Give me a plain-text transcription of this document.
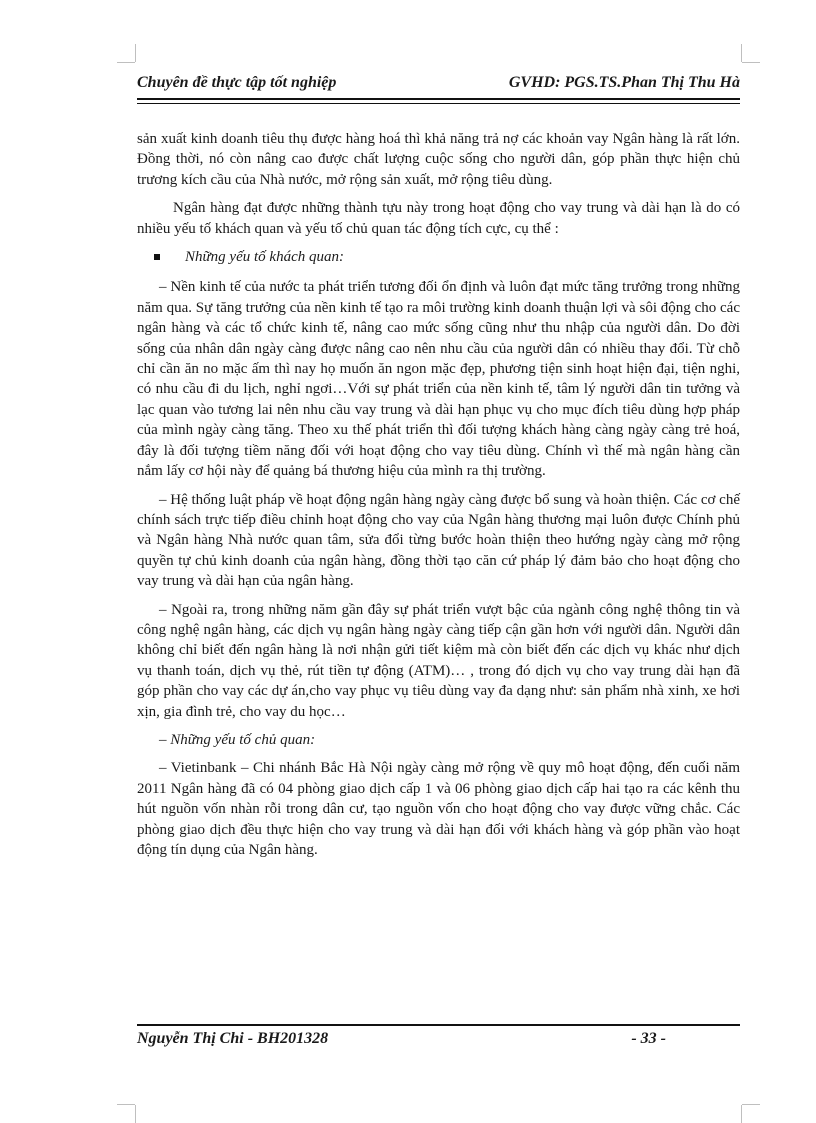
Chuyên đề thực tập tốt nghiệp	GVHD: PGS.TS.Phan Thị Thu Hà

sản xuất kinh doanh tiêu thụ được hàng hoá thì khả năng trả nợ các khoản vay Ngân hàng là rất lớn. Đồng thời, nó còn nâng cao được chất lượng cuộc sống cho người dân, góp phần thực hiện chủ trương kích cầu của Nhà nước, mở rộng sản xuất, mở rộng tiêu dùng.

Ngân hàng đạt được những thành tựu này trong hoạt động cho vay trung và dài hạn là do có nhiều yếu tố khách quan và yếu tố chủ quan tác động tích cực, cụ thể :

Những yếu tố khách quan:

– Nền kinh tế của nước ta phát triển tương đối ổn định và luôn đạt mức tăng trưởng trong những năm qua. Sự tăng trưởng của nền kinh tế tạo ra môi trường kinh doanh thuận lợi và sôi động cho các ngân hàng và các tổ chức kinh tế, nâng cao mức sống cũng như thu nhập của người dân. Do đời sống của nhân dân ngày càng được nâng cao nên nhu cầu của người dân có nhiều thay đổi. Từ chỗ chỉ cần ăn no mặc ấm thì nay họ muốn ăn ngon mặc đẹp, phương tiện sinh hoạt hiện đại, tiện nghi, có nhu cầu đi du lịch, nghỉ ngơi…Với sự phát triển của nền kinh tế, tâm lý người dân tin tưởng và lạc quan vào tương lai nên nhu cầu vay trung và dài hạn phục vụ cho mục đích tiêu dùng hợp pháp của mình ngày càng tăng. Theo xu thế phát triển thì đối tượng khách hàng càng ngày càng trẻ hoá, đây là đối tượng tiềm năng đối với hoạt động cho vay tiêu dùng. Chính vì thế mà ngân hàng cần nắm lấy cơ hội này để quảng bá thương hiệu của mình ra thị trường.

– Hệ thống luật pháp về hoạt động ngân hàng ngày càng được bổ sung và hoàn thiện. Các cơ chế chính sách trực tiếp điều chỉnh hoạt động cho vay của Ngân hàng thương mại luôn được Chính phủ và Ngân hàng Nhà nước quan tâm, sửa đổi từng bước hoàn thiện theo hướng ngày càng mở rộng quyền tự chủ kinh doanh của ngân hàng, đồng thời tạo căn cứ pháp lý đảm bảo cho hoạt động cho vay trung và dài hạn của ngân hàng.

– Ngoài ra, trong những năm gần đây sự phát triển vượt bậc của ngành công nghệ thông tin và công nghệ ngân hàng, các dịch vụ ngân hàng ngày càng tiếp cận gần hơn với người dân. Người dân không chỉ biết đến ngân hàng là nơi nhận gửi tiết kiệm mà còn biết đến các dịch vụ khác như dịch vụ thanh toán, dịch vụ thẻ, rút tiền tự động (ATM)… , trong đó dịch vụ cho vay trung dài hạn đã góp phần cho vay các dự án,cho vay phục vụ tiêu dùng vay đa dạng như: sản phẩm nhà xinh, xe hơi xịn, gia đình trẻ, cho vay du học…

– Những yếu tố chủ quan:

– Vietinbank – Chi nhánh Bắc Hà Nội ngày càng mở rộng về quy mô hoạt động, đến cuối năm 2011 Ngân hàng đã có 04 phòng giao dịch cấp 1 và 06 phòng giao dịch cấp hai tạo ra các kênh thu hút nguồn vốn nhàn rỗi trong dân cư, tạo nguồn vốn cho hoạt động cho vay được vững chắc. Các phòng giao dịch đều thực hiện cho vay trung và dài hạn đối với khách hàng và góp phần vào hoạt động tín dụng của Ngân hàng.

Nguyễn Thị Chi - BH201328	- 33 -
